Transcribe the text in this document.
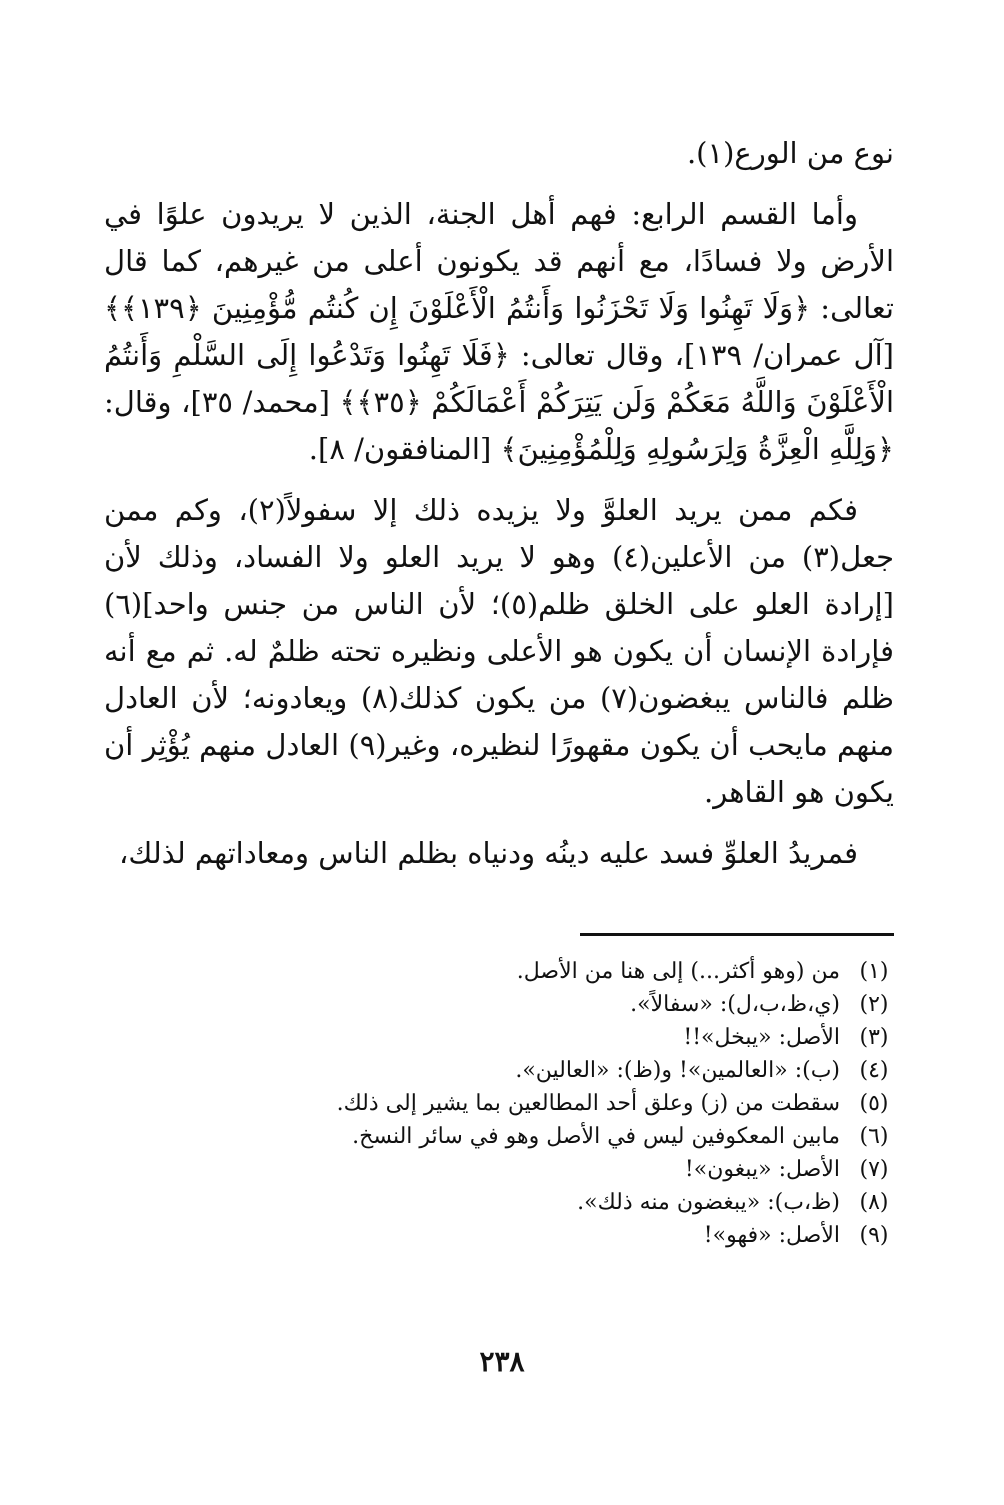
نوع من الورع(١).

وأما القسم الرابع: فهم أهل الجنة، الذين لا يريدون علوًا في الأرض ولا فسادًا، مع أنهم قد يكونون أعلى من غيرهم، كما قال تعالى: ﴿وَلَا تَهِنُوا وَلَا تَحْزَنُوا وَأَنتُمُ الْأَعْلَوْنَ إِن كُنتُم مُّؤْمِنِينَ ﴿١٣٩﴾﴾ [آل عمران/ ١٣٩]، وقال تعالى: ﴿فَلَا تَهِنُوا وَتَدْعُوا إِلَى السَّلْمِ وَأَنتُمُ الْأَعْلَوْنَ وَاللَّهُ مَعَكُمْ وَلَن يَتِرَكُمْ أَعْمَالَكُمْ ﴿٣٥﴾﴾ [محمد/ ٣٥]، وقال: ﴿وَلِلَّهِ الْعِزَّةُ وَلِرَسُولِهِ وَلِلْمُؤْمِنِينَ﴾ [المنافقون/ ٨].

فكم ممن يريد العلوَّ ولا يزيده ذلك إلا سفولاً(٢)، وكم ممن جعل(٣) من الأعلين(٤) وهو لا يريد العلو ولا الفساد، وذلك لأن [إرادة العلو على الخلق ظلم(٥)؛ لأن الناس من جنس واحد](٦) فإرادة الإنسان أن يكون هو الأعلى ونظيره تحته ظلمٌ له. ثم مع أنه ظلم فالناس يبغضون(٧) من يكون كذلك(٨) ويعادونه؛ لأن العادل منهم مايحب أن يكون مقهورًا لنظيره، وغير(٩) العادل منهم يُؤْثِر أن يكون هو القاهر.

فمريدُ العلوِّ فسد عليه دينُه ودنياه بظلم الناس ومعاداتهم لذلك،

(١)من (وهو أكثر...) إلى هنا من الأصل.
(٢)(ي،ظ،ب،ل): «سفالاً».
(٣)الأصل: «يبخل»!!
(٤)(ب): «العالمين»! و(ظ): «العالين».
(٥)سقطت من (ز) وعلق أحد المطالعين بما يشير إلى ذلك.
(٦)مابين المعكوفين ليس في الأصل وهو في سائر النسخ.
(٧)الأصل: «يبغون»!
(٨)(ظ،ب): «يبغضون منه ذلك».
(٩)الأصل: «فهو»!
٢٣٨
